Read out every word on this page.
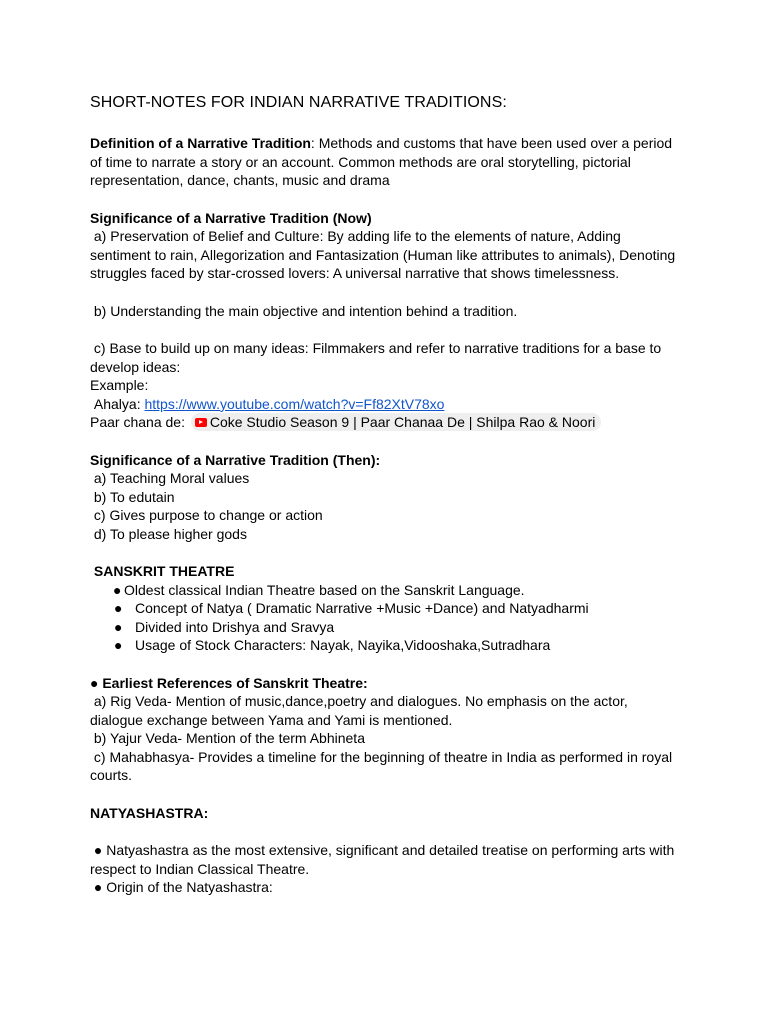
SHORT-NOTES FOR INDIAN NARRATIVE TRADITIONS:

Definition of a Narrative Tradition: Methods and customs that have been used over a period of time to narrate a story or an account. Common methods are oral storytelling, pictorial representation, dance, chants, music and drama

Significance of a Narrative Tradition (Now)

a) Preservation of Belief and Culture: By adding life to the elements of nature, Adding sentiment to rain, Allegorization and Fantasization (Human like attributes to animals), Denoting struggles faced by star-crossed lovers: A universal narrative that shows timelessness.

b) Understanding the main objective and intention behind a tradition.

c) Base to build up on many ideas: Filmmakers and refer to narrative traditions for a base to develop ideas:

Example:

Ahalya: https://www.youtube.com/watch?v=Ff82XtV78xo

Paar chana de: Coke Studio Season 9 | Paar Chanaa De | Shilpa Rao & Noori

Significance of a Narrative Tradition (Then):

a) Teaching Moral values

b) To edutain

c) Gives purpose to change or action

d) To please higher gods

SANSKRIT THEATRE

● Oldest classical Indian Theatre based on the Sanskrit Language.
● Concept of Natya ( Dramatic Narrative +Music +Dance) and Natyadharmi
● Divided into Drishya and Sravya
● Usage of Stock Characters: Nayak, Nayika,Vidooshaka,Sutradhara

● Earliest References of Sanskrit Theatre:

a) Rig Veda- Mention of music,dance,poetry and dialogues. No emphasis on the actor, dialogue exchange between Yama and Yami is mentioned.

b) Yajur Veda- Mention of the term Abhineta

c) Mahabhasya- Provides a timeline for the beginning of theatre in India as performed in royal courts.

NATYASHASTRA:

● Natyashastra as the most extensive, significant and detailed treatise on performing arts with respect to Indian Classical Theatre.

● Origin of the Natyashastra:
